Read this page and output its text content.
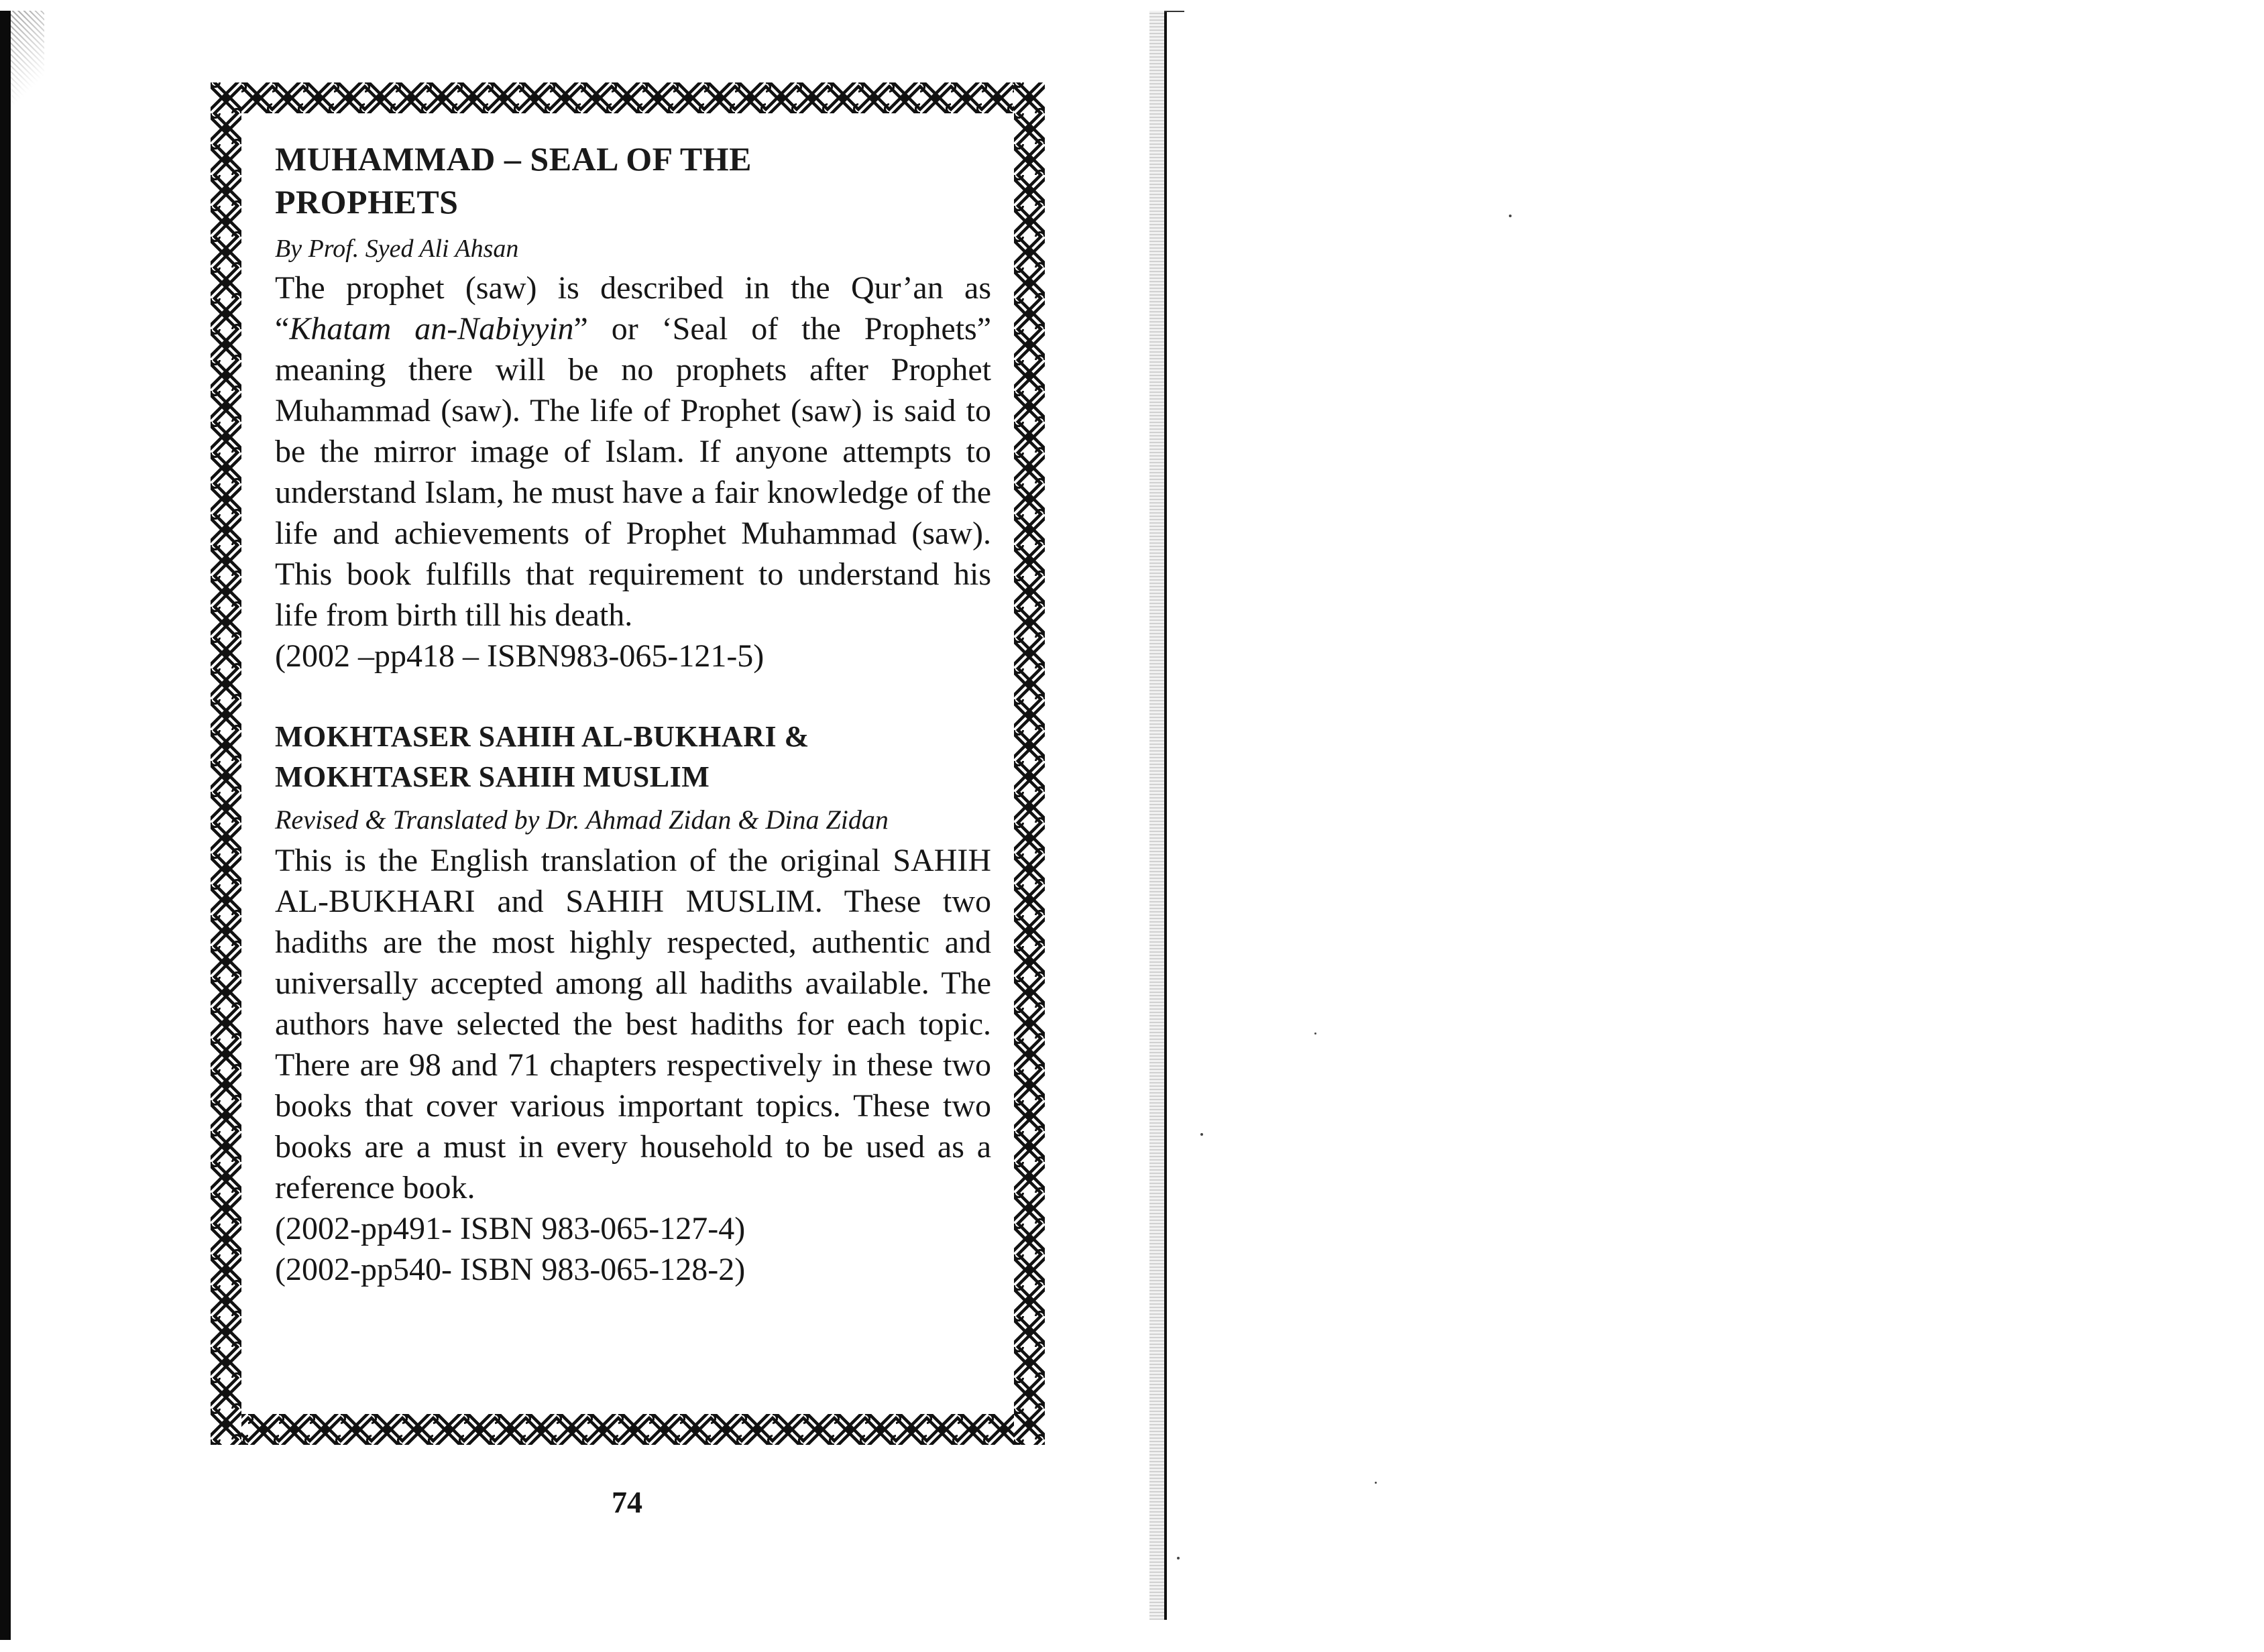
MUHAMMAD – SEAL OF THE
PROPHETS
By Prof. Syed Ali Ahsan

The prophet (saw) is described in the Qur’an as “Khatam an-Nabiyyin” or ‘Seal of the Prophets” meaning there will be no prophets after Prophet Muhammad (saw). The life of Prophet (saw) is said to be the mirror image of Islam. If anyone attempts to understand Islam, he must have a fair knowledge of the life and achievements of Prophet Muhammad (saw). This book fulfills that requirement to understand his life from birth till his death.

(2002 –pp418 – ISBN983-065-121-5)

MOKHTASER SAHIH AL-BUKHARI &
MOKHTASER SAHIH MUSLIM
Revised & Translated by Dr. Ahmad Zidan & Dina Zidan

This is the English translation of the original SAHIH AL-BUKHARI and SAHIH MUSLIM. These two hadiths are the most highly respected, authentic and universally accepted among all hadiths available. The authors have selected the best hadiths for each topic. There are 98 and 71 chapters respectively in these two books that cover various important topics. These two books are a must in every household to be used as a reference book.

(2002-pp491- ISBN 983-065-127-4)

(2002-pp540- ISBN 983-065-128-2)

74
